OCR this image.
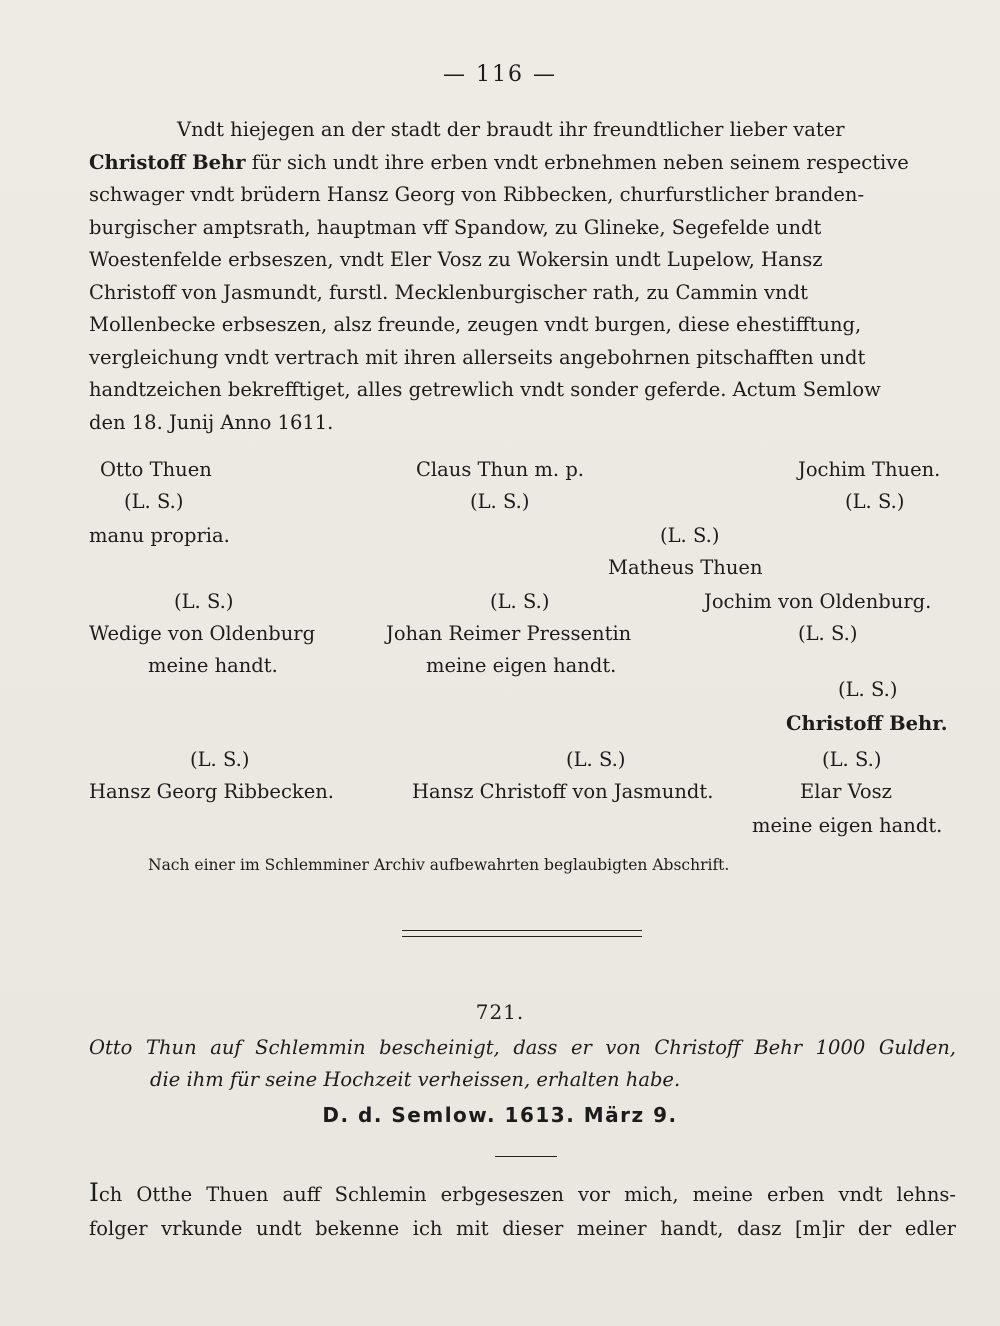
— 116 —
Vndt hiejegen an der stadt der braudt ihr freundtlicher lieber vater
Christoff Behr für sich undt ihre erben vndt erbnehmen neben seinem respective
schwager vndt brüdern Hansz Georg von Ribbecken, churfurstlicher branden-
burgischer amptsrath, hauptman vff Spandow, zu Glineke, Segefelde undt
Woestenfelde erbseszen, vndt Eler Vosz zu Wokersin undt Lupelow, Hansz
Christoff von Jasmundt, furstl. Mecklenburgischer rath, zu Cammin vndt
Mollenbecke erbseszen, alsz freunde, zeugen vndt burgen, diese ehestifftung,
vergleichung vndt vertrach mit ihren allerseits angebohrnen pitschafften undt
handtzeichen bekrefftiget, alles getrewlich vndt sonder geferde. Actum Semlow
den 18. Junij Anno 1611.
Otto Thuen
(L. S.)
manu propria.
Claus Thun m. p.
(L. S.)
Jochim Thuen.
(L. S.)
(L. S.)
Matheus Thuen
(L. S.)
Wedige von Oldenburg
meine handt.
(L. S.)
Johan Reimer Pressentin
meine eigen handt.
Jochim von Oldenburg.
(L. S.)
(L. S.)
Christoff Behr.
(L. S.)
Hansz Georg Ribbecken.
(L. S.)
Hansz Christoff von Jasmundt.
(L. S.)
Elar Vosz
meine eigen handt.
Nach einer im Schlemminer Archiv aufbewahrten beglaubigten Abschrift.
721.
Otto Thun auf Schlemmin bescheinigt, dass er von Christoff Behr 1000 Gulden,
die ihm für seine Hochzeit verheissen, erhalten habe.
D. d. Semlow. 1613. März 9.
Ich Otthe Thuen auff Schlemin erbgeseszen vor mich, meine erben vndt lehns-
folger vrkunde undt bekenne ich mit dieser meiner handt, dasz [m]ir der edler
